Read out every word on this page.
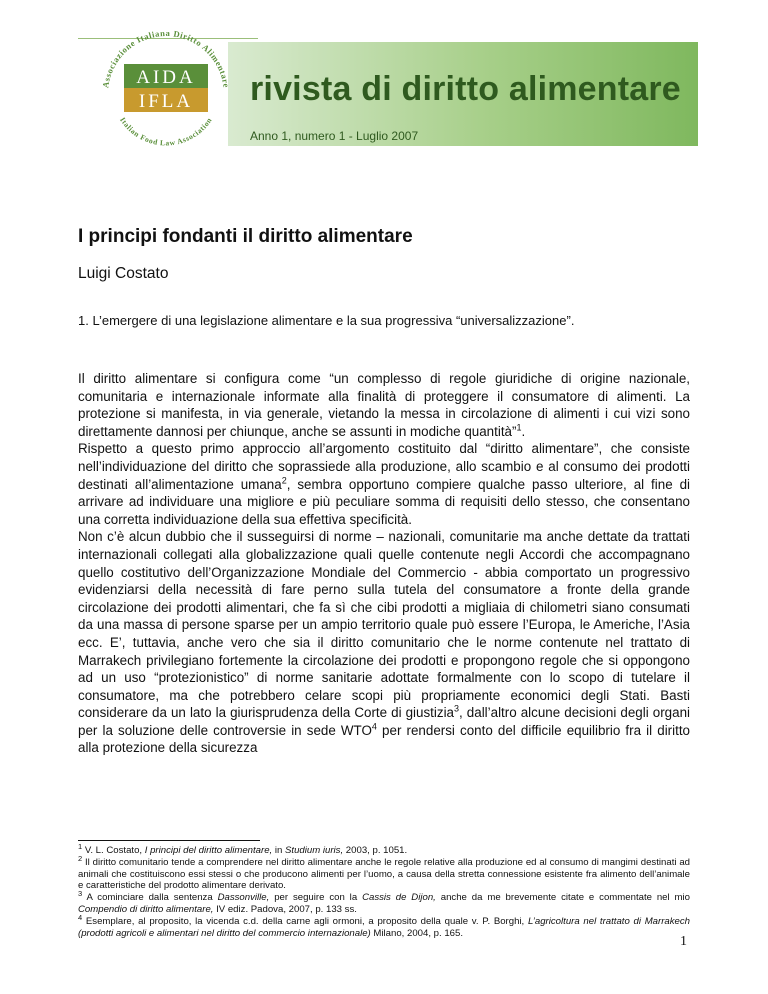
Associazione Italiana Diritto Alimentare
Italian Food Law Association
AIDA
IFLA rivista di diritto alimentare
Anno 1, numero 1 - Luglio 2007
I principi fondanti il diritto alimentare
Luigi Costato
1. L’emergere di una legislazione alimentare e la sua progressiva “universalizzazione”.

Il diritto alimentare si configura come “un complesso di regole giuridiche di origine nazionale, comunitaria e internazionale informate alla finalità di proteggere il consumatore di alimenti. La protezione si manifesta, in via generale, vietando la messa in circolazione di alimenti i cui vizi sono direttamente dannosi per chiunque, anche se assunti in modiche quantità”$^1$.

Rispetto a questo primo approccio all’argomento costituito dal “diritto alimentare”, che consiste nell’individuazione del diritto che soprassiede alla produzione, allo scambio e al consumo dei prodotti destinati all’alimentazione umana$^2$, sembra opportuno compiere qualche passo ulteriore, al fine di arrivare ad individuare una migliore e più peculiare somma di requisiti dello stesso, che consentano una corretta individuazione della sua effettiva specificità.

Non c’è alcun dubbio che il susseguirsi di norme – nazionali, comunitarie ma anche dettate da trattati internazionali collegati alla globalizzazione quali quelle contenute negli Accordi che accompagnano quello costitutivo dell’Organizzazione Mondiale del Commercio - abbia comportato un progressivo evidenziarsi della necessità di fare perno sulla tutela del consumatore a fronte della grande circolazione dei prodotti alimentari, che fa sì che cibi prodotti a migliaia di chilometri siano consumati da una massa di persone sparse per un ampio territorio quale può essere l’Europa, le Americhe, l’Asia ecc. E’, tuttavia, anche vero che sia il diritto comunitario che le norme contenute nel trattato di Marrakech privilegiano fortemente la circolazione dei prodotti e propongono regole che si oppongono ad un uso “protezionistico” di norme sanitarie adottate formalmente con lo scopo di tutelare il consumatore, ma che potrebbero celare scopi più propriamente economici degli Stati. Basti considerare da un lato la giurisprudenza della Corte di giustizia$^3$, dall’altro alcune decisioni degli organi per la soluzione delle controversie in sede WTO$^4$ per rendersi conto del difficile equilibrio fra il diritto alla protezione della sicurezza

$^1$ V. L. Costato, I principi del diritto alimentare, in Studium iuris, 2003, p. 1051.

$^2$ Il diritto comunitario tende a comprendere nel diritto alimentare anche le regole relative alla produzione ed al consumo di mangimi destinati ad animali che costituiscono essi stessi o che producono alimenti per l’uomo, a causa della stretta connessione esistente fra alimento dell’animale e caratteristiche del prodotto alimentare derivato.

$^3$ A cominciare dalla sentenza Dassonville, per seguire con la Cassis de Dijon, anche da me brevemente citate e commentate nel mio Compendio di diritto alimentare, IV ediz. Padova, 2007, p. 133 ss.

$^4$ Esemplare, al proposito, la vicenda c.d. della carne agli ormoni, a proposito della quale v. P. Borghi, L’agricoltura nel trattato di Marrakech (prodotti agricoli e alimentari nel diritto del commercio internazionale) Milano, 2004, p. 165.

1
